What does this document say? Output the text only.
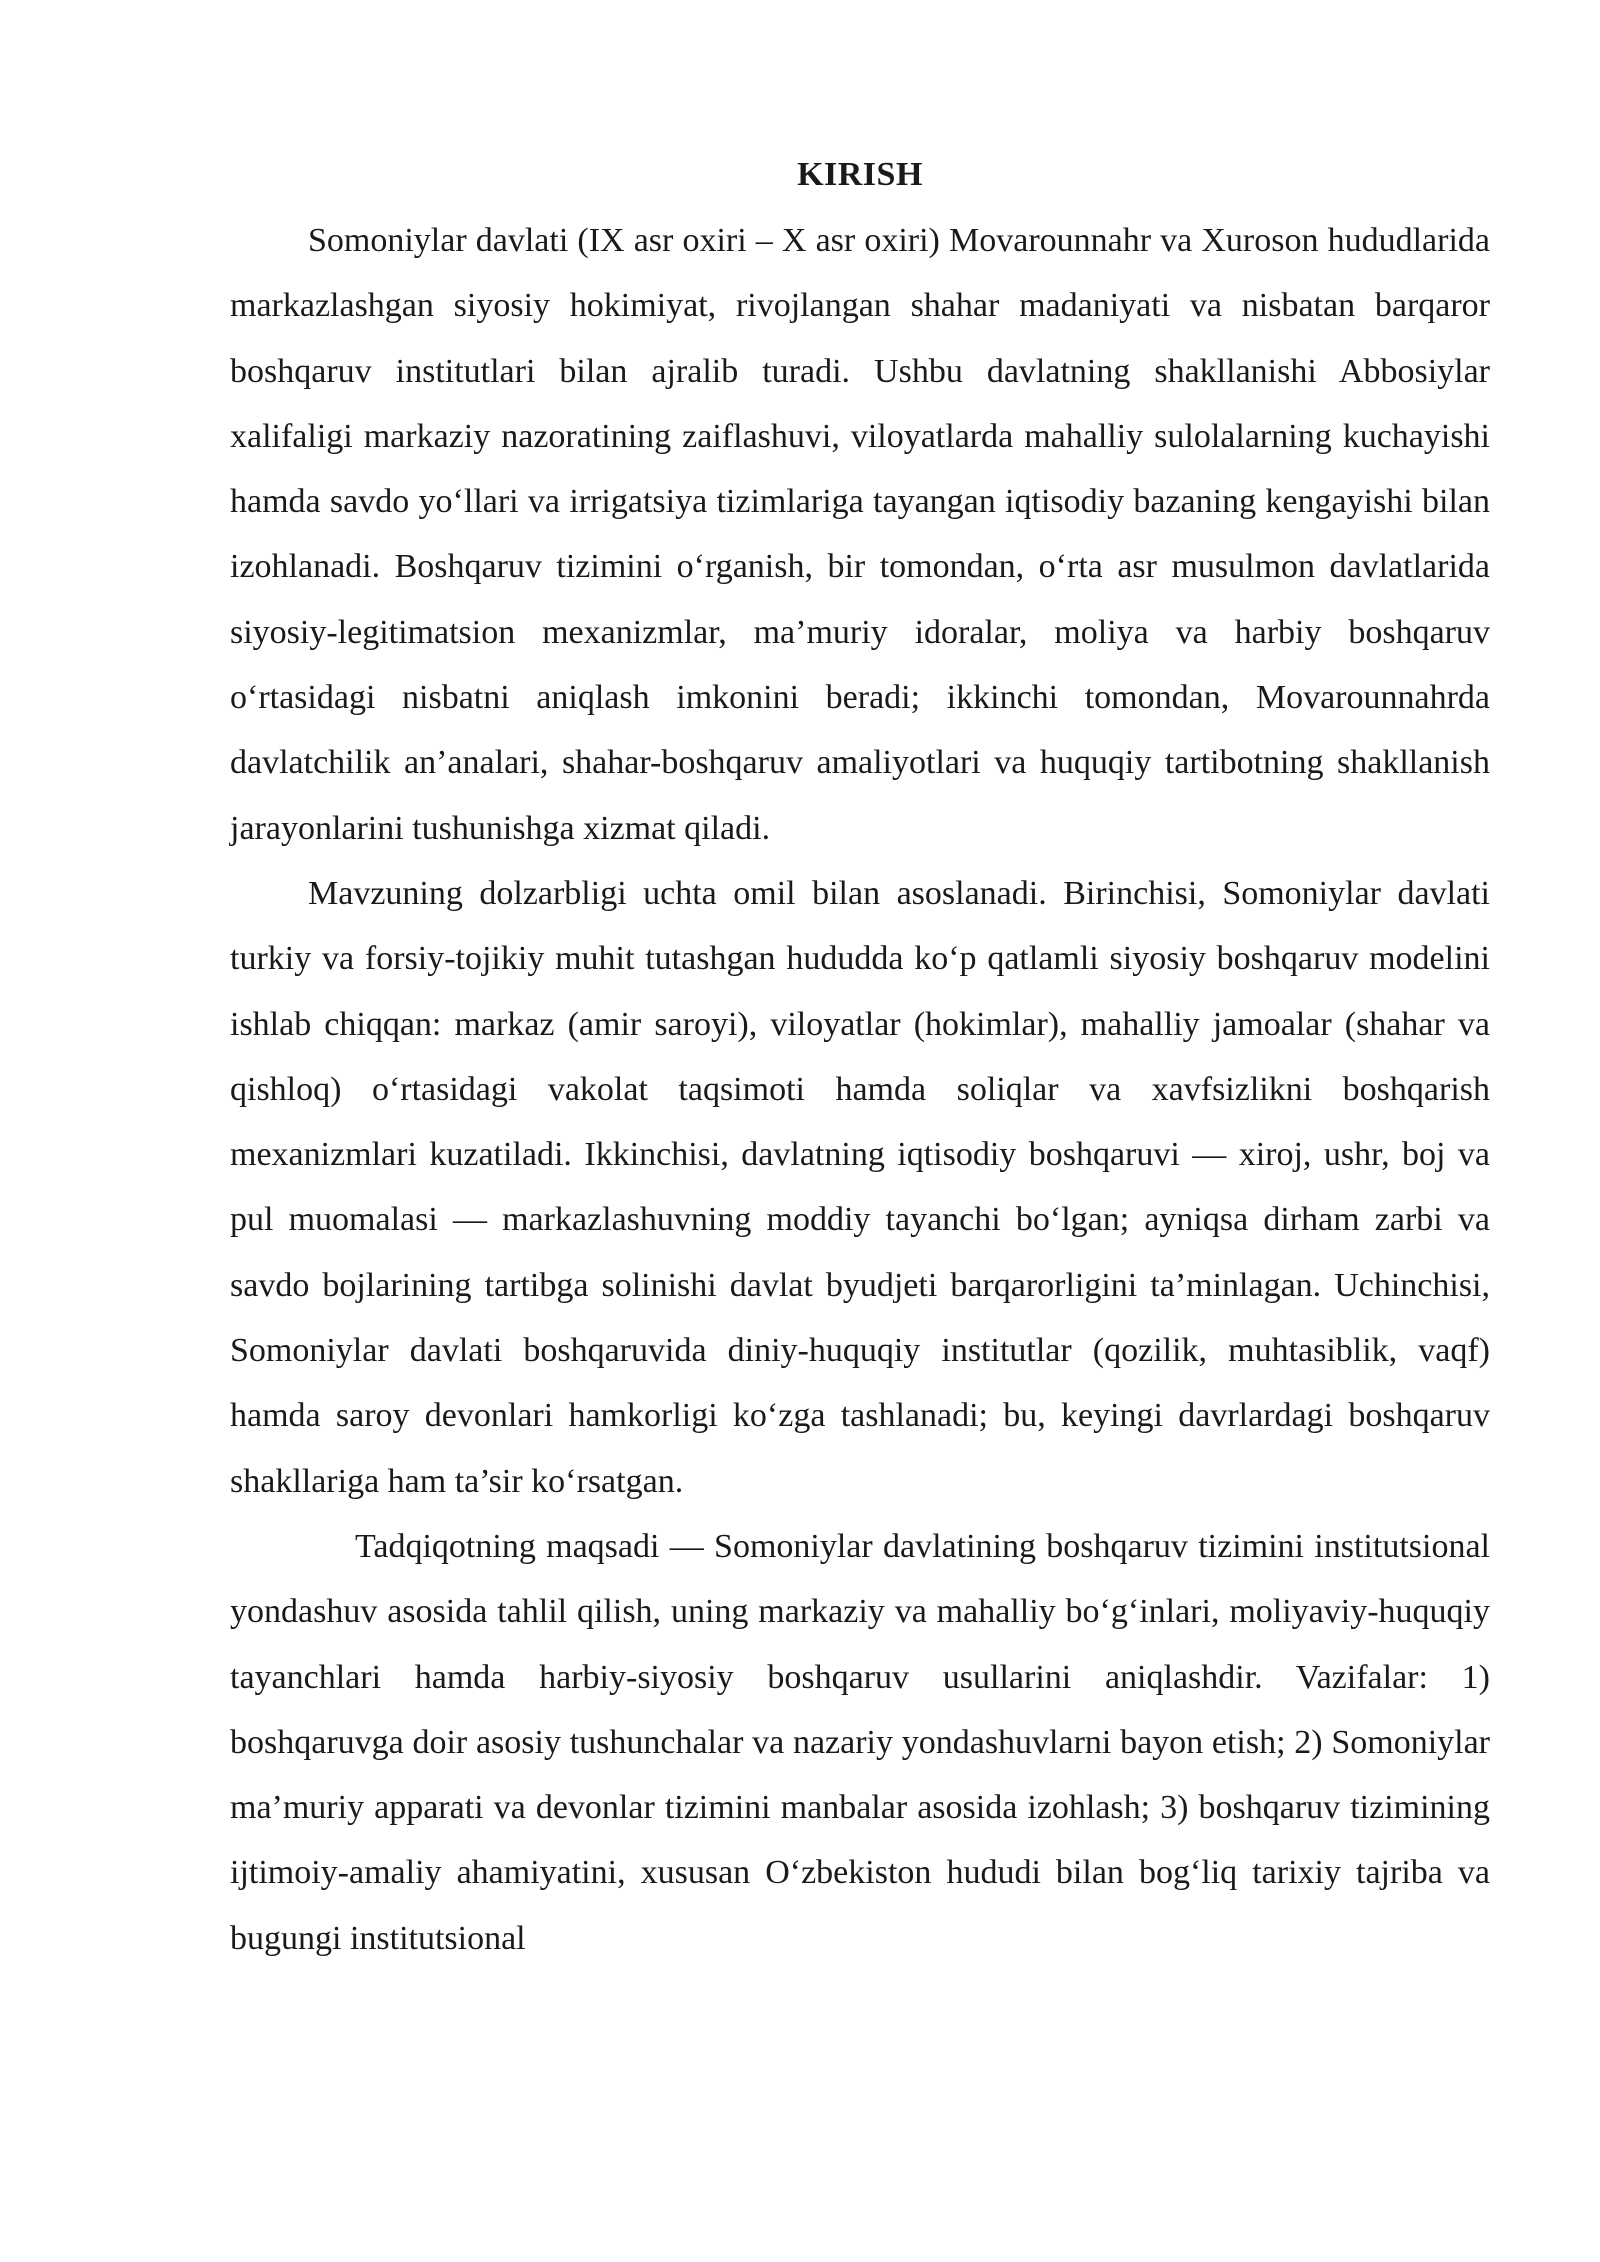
KIRISH

Somoniylar davlati (IX asr oxiri – X asr oxiri) Movarounnahr va Xuroson hududlarida markazlashgan siyosiy hokimiyat, rivojlangan shahar madaniyati va nisbatan barqaror boshqaruv institutlari bilan ajralib turadi. Ushbu davlatning shakllanishi Abbosiylar xalifaligi markaziy nazoratining zaiflashuvi, viloyatlarda mahalliy sulolalarning kuchayishi hamda savdo yo‘llari va irrigatsiya tizimlariga tayangan iqtisodiy bazaning kengayishi bilan izohlanadi. Boshqaruv tizimini o‘rganish, bir tomondan, o‘rta asr musulmon davlatlarida siyosiy-legitimatsion mexanizmlar, ma’muriy idoralar, moliya va harbiy boshqaruv o‘rtasidagi nisbatni aniqlash imkonini beradi; ikkinchi tomondan, Movarounnahrda davlatchilik an’analari, shahar-boshqaruv amaliyotlari va huquqiy tartibotning shakllanish jarayonlarini tushunishga xizmat qiladi.

Mavzuning dolzarbligi uchta omil bilan asoslanadi. Birinchisi, Somoniylar davlati turkiy va forsiy-tojikiy muhit tutashgan hududda ko‘p qatlamli siyosiy boshqaruv modelini ishlab chiqqan: markaz (amir saroyi), viloyatlar (hokimlar), mahalliy jamoalar (shahar va qishloq) o‘rtasidagi vakolat taqsimoti hamda soliqlar va xavfsizlikni boshqarish mexanizmlari kuzatiladi. Ikkinchisi, davlatning iqtisodiy boshqaruvi — xiroj, ushr, boj va pul muomalasi — markazlashuvning moddiy tayanchi bo‘lgan; ayniqsa dirham zarbi va savdo bojlarining tartibga solinishi davlat byudjeti barqarorligini ta’minlagan. Uchinchisi, Somoniylar davlati boshqaruvida diniy-huquqiy institutlar (qozilik, muhtasiblik, vaqf) hamda saroy devonlari hamkorligi ko‘zga tashlanadi; bu, keyingi davrlardagi boshqaruv shakllariga ham ta’sir ko‘rsatgan.

Tadqiqotning maqsadi — Somoniylar davlatining boshqaruv tizimini institutsional yondashuv asosida tahlil qilish, uning markaziy va mahalliy bo‘g‘inlari, moliyaviy-huquqiy tayanchlari hamda harbiy-siyosiy boshqaruv usullarini aniqlashdir. Vazifalar: 1) boshqaruvga doir asosiy tushunchalar va nazariy yondashuvlarni bayon etish; 2) Somoniylar ma’muriy apparati va devonlar tizimini manbalar asosida izohlash; 3) boshqaruv tizimining ijtimoiy-amaliy ahamiyatini, xususan O‘zbekiston hududi bilan bog‘liq tarixiy tajriba va bugungi institutsional
